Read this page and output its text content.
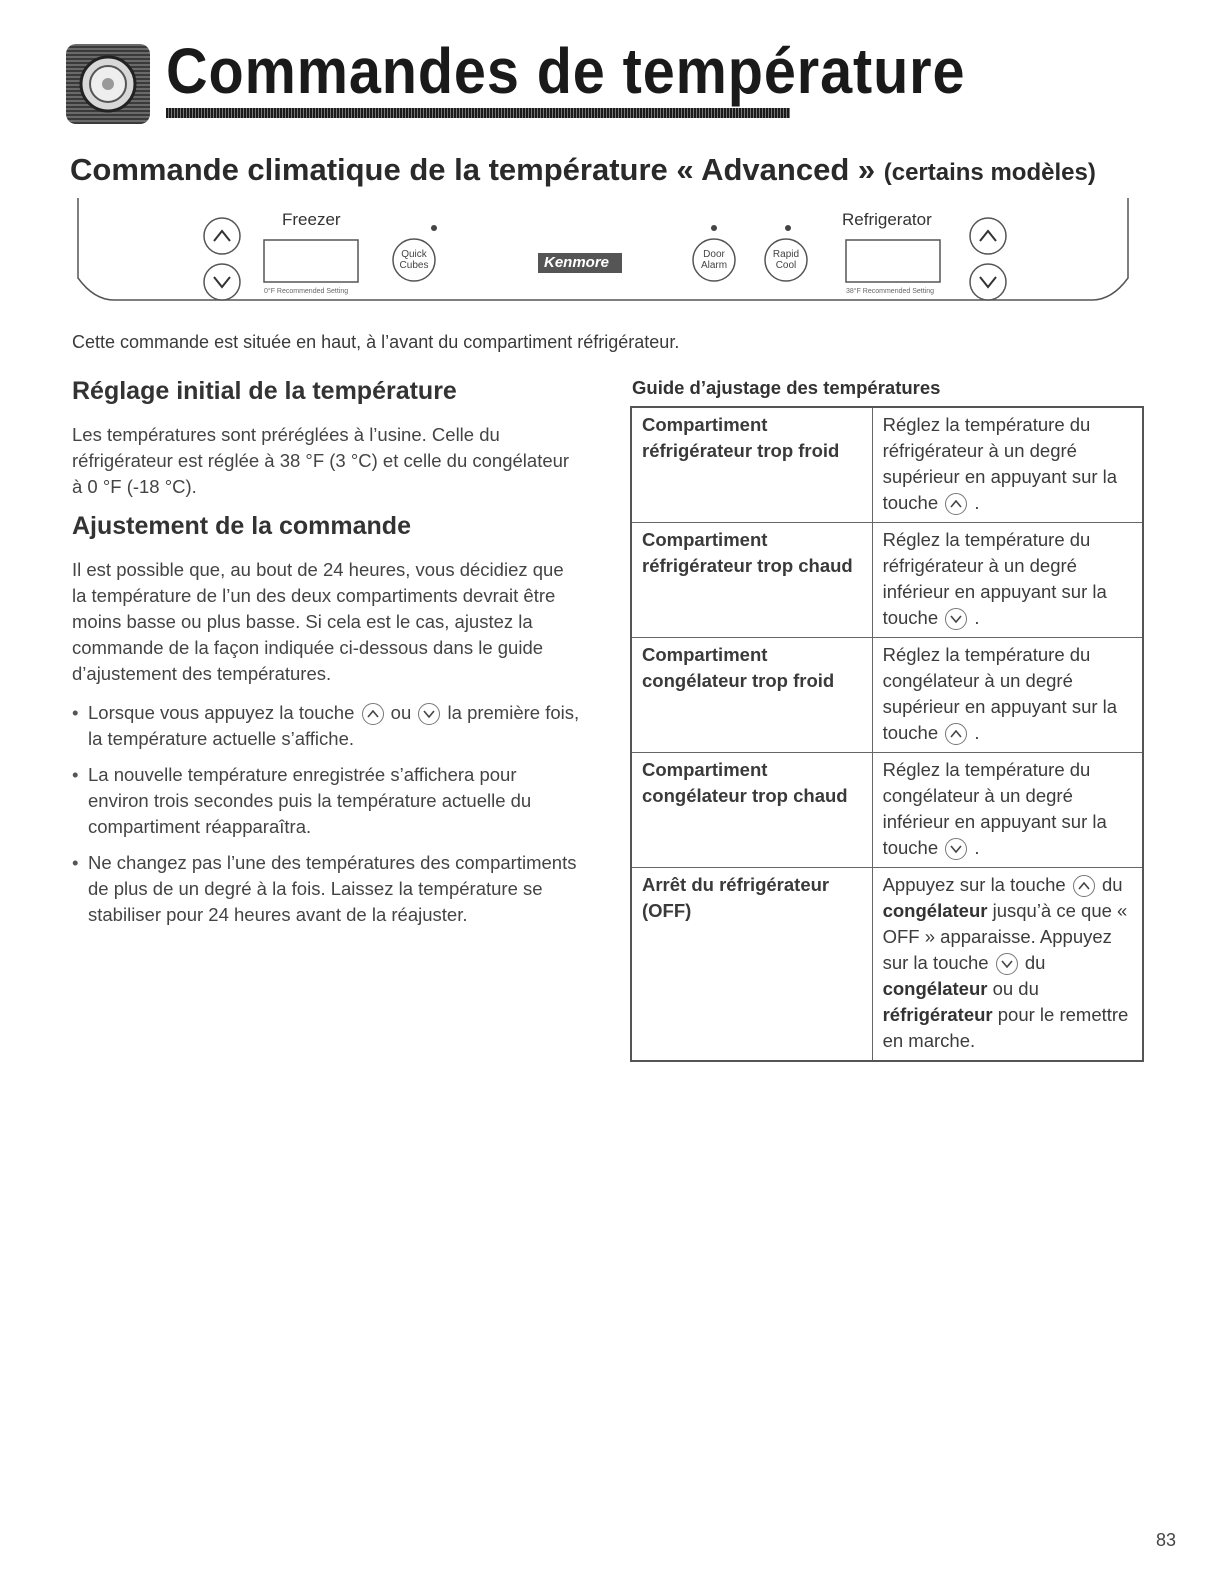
Commandes de température
Commande climatique de la température « Advanced » (certains modèles)
Freezer	Refrigerator
Quick Cubes
Door Alarm
Rapid Cool
Kenmore
0°F Recommended Setting	38°F Recommended Setting

Cette commande est située en haut, à l’avant du compartiment réfrigérateur.

Réglage initial de la température

Les températures sont préréglées à l’usine. Celle du réfrigérateur est réglée à 38 °F (3 °C) et celle du congélateur à 0 °F (-18 °C).

Ajustement de la commande

Il est possible que, au bout de 24 heures, vous décidiez que la température de l’un des deux compartiments devrait être moins basse ou plus basse. Si cela est le cas, ajustez la commande de la façon indiquée ci-dessous dans le guide d’ajustement des températures.

• Lorsque vous appuyez la touche ou la première fois, la température actuelle s’affiche.
• La nouvelle température enregistrée s’affichera pour environ trois secondes puis la température actuelle du compartiment réapparaîtra.
• Ne changez pas l’une des températures des compartiments de plus de un degré à la fois. Laissez la température se stabiliser pour 24 heures avant de la réajuster.
Guide d’ajustage des températures
Compartiment réfrigérateur trop froid	Réglez la température du réfrigérateur à un degré supérieur en appuyant sur la touche .
Compartiment réfrigérateur trop chaud	Réglez la température du réfrigérateur à un degré inférieur en appuyant sur la touche .
Compartiment congélateur trop froid	Réglez la température du congélateur à un degré supérieur en appuyant sur la touche .
Compartiment congélateur trop chaud	Réglez la température du congélateur à un degré inférieur en appuyant sur la touche .
Arrêt du réfrigérateur (OFF)	Appuyez sur la touche du congélateur jusqu’à ce que « OFF » apparaisse. Appuyez sur la touche du congélateur ou du réfrigérateur pour le remettre en marche.

83
